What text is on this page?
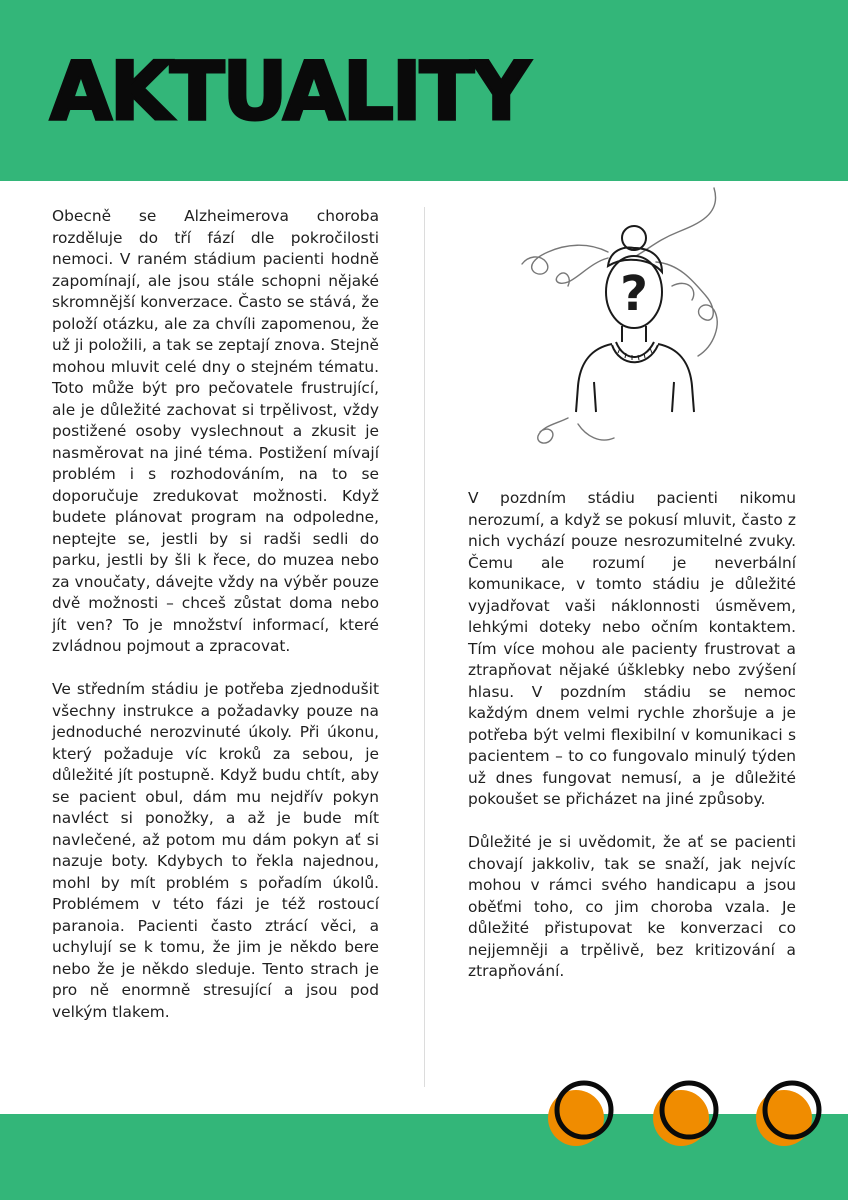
AKTUALITY

Obecně se Alzheimerova choroba rozděluje do tří fází dle pokročilosti nemoci. V raném stádium pacienti hodně zapomínají, ale jsou stále schopni nějaké skromnější konverzace. Často se stává, že položí otázku, ale za chvíli zapomenou, že už ji položili, a tak se zeptají znova. Stejně mohou mluvit celé dny o stejném tématu. Toto může být pro pečovatele frustrující, ale je důležité zachovat si trpělivost, vždy postižené osoby vyslechnout a zkusit je nasměrovat na jiné téma. Postižení mívají problém i s rozhodováním, na to se doporučuje zredukovat možnosti. Když budete plánovat program na odpoledne, neptejte se, jestli by si radši sedli do parku, jestli by šli k řece, do muzea nebo za vnoučaty, dávejte vždy na výběr pouze dvě možnosti – chceš zůstat doma nebo jít ven? To je množství informací, které zvládnou pojmout a zpracovat.

Ve středním stádiu je potřeba zjednodušit všechny instrukce a požadavky pouze na jednoduché nerozvinuté úkoly. Při úkonu, který požaduje víc kroků za sebou, je důležité jít postupně. Když budu chtít, aby se pacient obul, dám mu nejdřív pokyn navléct si ponožky, a až je bude mít navlečené, až potom mu dám pokyn ať si nazuje boty. Kdybych to řekla najednou, mohl by mít problém s pořadím úkolů. Problémem v této fázi je též rostoucí paranoia. Pacienti často ztrácí věci, a uchylují se k tomu, že jim je někdo bere nebo že je někdo sleduje. Tento strach je pro ně enormně stresující a jsou pod velkým tlakem.

?

V pozdním stádiu pacienti nikomu nerozumí, a když se pokusí mluvit, často z nich vychází pouze nesrozumitelné zvuky. Čemu ale rozumí je neverbální komunikace, v tomto stádiu je důležité vyjadřovat vaši náklonnosti úsměvem, lehkými doteky nebo očním kontaktem. Tím více mohou ale pacienty frustrovat a ztrapňovat nějaké úšklebky nebo zvýšení hlasu. V pozdním stádiu se nemoc každým dnem velmi rychle zhoršuje a je potřeba být velmi flexibilní v komunikaci s pacientem – to co fungovalo minulý týden už dnes fungovat nemusí, a je důležité pokoušet se přicházet na jiné způsoby.

Důležité je si uvědomit, že ať se pacienti chovají jakkoliv, tak se snaží, jak nejvíc mohou v rámci svého handicapu a jsou oběťmi toho, co jim choroba vzala. Je důležité přistupovat ke konverzaci co nejjemněji a trpělivě, bez kritizování a ztrapňování.
